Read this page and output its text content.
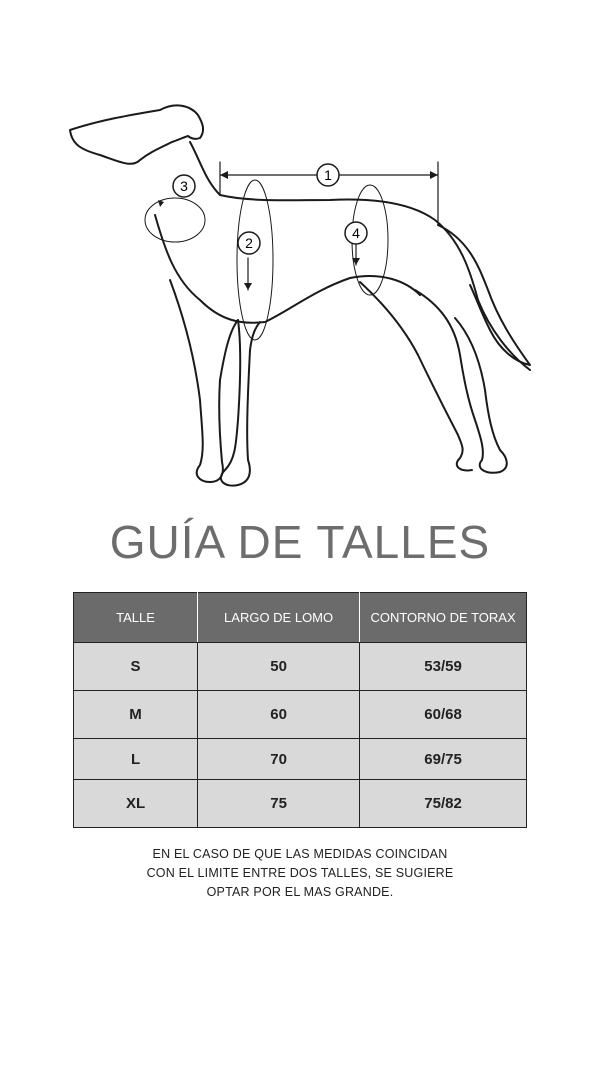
1
2
3
4
GUÍA DE TALLES
TALLE	LARGO DE LOMO	CONTORNO DE TORAX
S	50	53/59
M	60	60/68
L	70	69/75
XL	75	75/82
EN EL CASO DE QUE LAS MEDIDAS COINCIDAN
CON EL LIMITE ENTRE DOS TALLES, SE SUGIERE
OPTAR POR EL MAS GRANDE.
